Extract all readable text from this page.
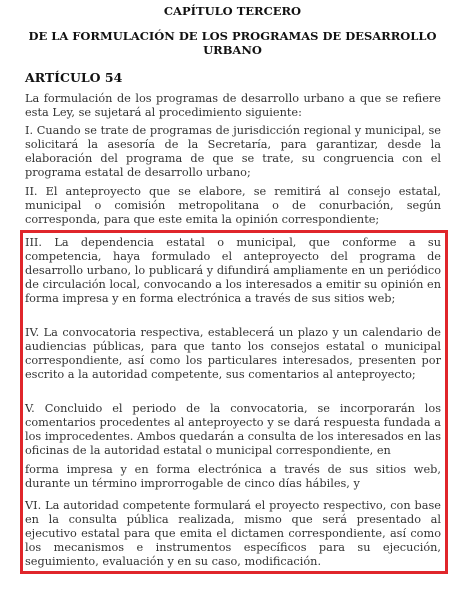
CAPÍTULO TERCERO
DE LA FORMULACIÓN DE LOS PROGRAMAS DE DESARROLLO URBANO
ARTÍCULO 54
La formulación de los programas de desarrollo urbano a que se refiere esta Ley, se sujetará al procedimiento siguiente:
I. Cuando se trate de programas de jurisdicción regional y municipal, se solicitará la asesoría de la Secretaría, para garantizar, desde la elaboración del programa de que se trate, su congruencia con el programa estatal de desarrollo urbano;
II. El anteproyecto que se elabore, se remitirá al consejo estatal, municipal o comisión metropolitana o de conurbación, según corresponda, para que este emita la opinión correspondiente;
III. La dependencia estatal o municipal, que conforme a su competencia, haya formulado el anteproyecto del programa de desarrollo urbano, lo publicará y difundirá ampliamente en un periódico de circulación local, convocando a los interesados a emitir su opinión en forma impresa y en forma electrónica a través de sus sitios web;
IV. La convocatoria respectiva, establecerá un plazo y un calendario de audiencias públicas, para que tanto los consejos estatal o municipal correspondiente, así como los particulares interesados, presenten por escrito a la autoridad competente, sus comentarios al anteproyecto;
V. Concluido el periodo de la convocatoria, se incorporarán los comentarios procedentes al anteproyecto y se dará respuesta fundada a los improcedentes. Ambos quedarán a consulta de los interesados en las oficinas de la autoridad estatal o municipal correspondiente, en
forma impresa y en forma electrónica a través de sus sitios web, durante un término improrrogable de cinco días hábiles, y
VI. La autoridad competente formulará el proyecto respectivo, con base en la consulta pública realizada, mismo que será presentado al ejecutivo estatal para que emita el dictamen correspondiente, así como los mecanismos e instrumentos específicos para su ejecución, seguimiento, evaluación y en su caso, modificación.
